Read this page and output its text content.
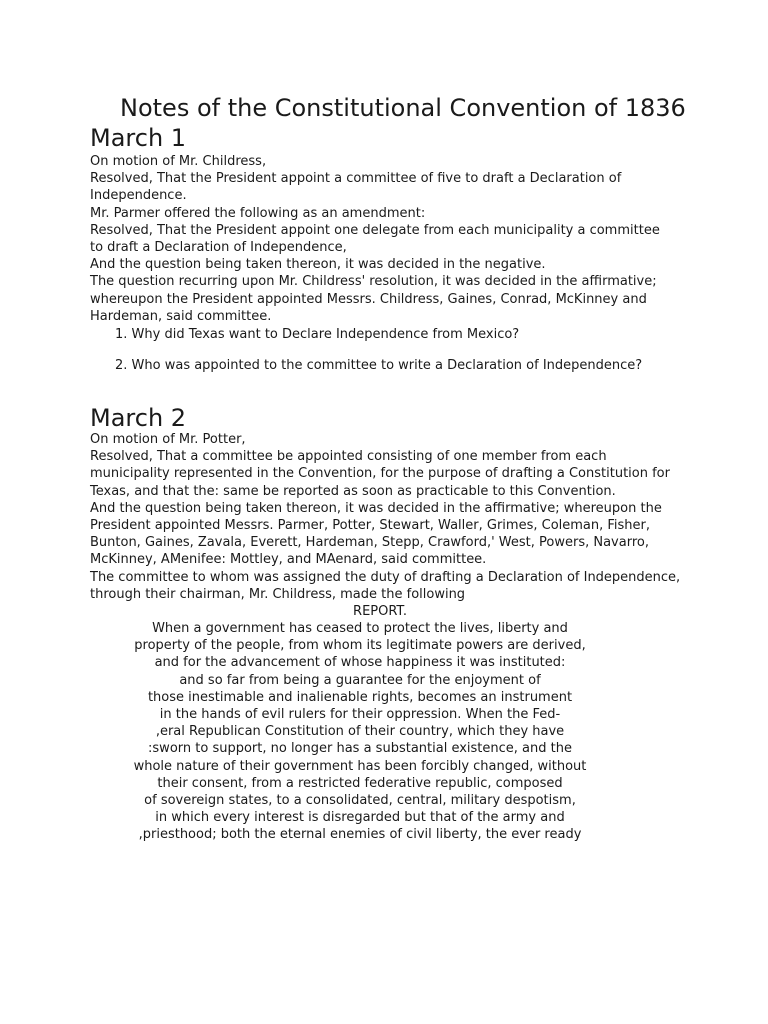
Notes of the Constitutional Convention of 1836
March 1
On motion of Mr. Childress,
Resolved, That the President appoint a committee of five to draft a Declaration of
Independence.
Mr. Parmer offered the following as an amendment:
Resolved, That the President appoint one delegate from each municipality a committee
to draft a Declaration of Independence,
And the question being taken thereon, it was decided in the negative.
The question recurring upon Mr. Childress' resolution, it was decided in the affirmative;
whereupon the President appointed Messrs. Childress, Gaines, Conrad, McKinney and
Hardeman, said committee.
1. Why did Texas want to Declare Independence from Mexico?
2. Who was appointed to the committee to write a Declaration of Independence?
March 2
On motion of Mr. Potter,
Resolved, That a committee be appointed consisting of one member from each
municipality represented in the Convention, for the purpose of drafting a Constitution for
Texas, and that the: same be reported as soon as practicable to this Convention.
And the question being taken thereon, it was decided in the affirmative; whereupon the
President appointed Messrs. Parmer, Potter, Stewart, Waller, Grimes, Coleman, Fisher,
Bunton, Gaines, Zavala, Everett, Hardeman, Stepp, Crawford,' West, Powers, Navarro,
McKinney, AMenifee: Mottley, and MAenard, said committee.
The committee to whom was assigned the duty of drafting a Declaration of Independence,
through their chairman, Mr. Childress, made the following
REPORT.
When a government has ceased to protect the lives, liberty and
property of the people, from whom its legitimate powers are derived,
and for the advancement of whose happiness it was instituted:
and so far from being a guarantee for the enjoyment of
those inestimable and inalienable rights, becomes an instrument
in the hands of evil rulers for their oppression. When the Fed-
,eral Republican Constitution of their country, which they have
:sworn to support, no longer has a substantial existence, and the
whole nature of their government has been forcibly changed, without
their consent, from a restricted federative republic, composed
of sovereign states, to a consolidated, central, military despotism,
in which every interest is disregarded but that of the army and
,priesthood; both the eternal enemies of civil liberty, the ever ready
